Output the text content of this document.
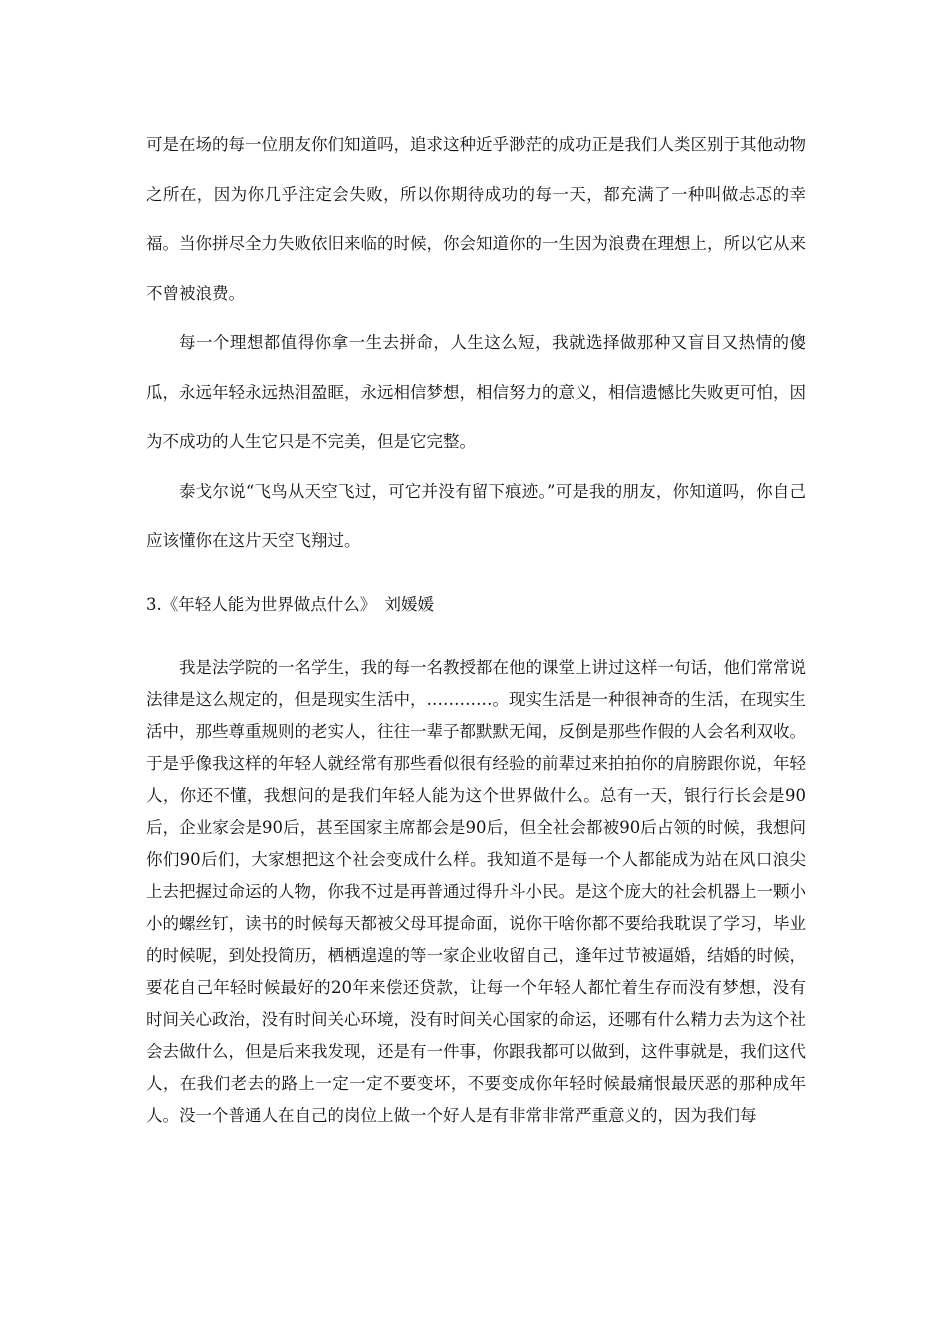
可是在场的每一位朋友你们知道吗，追求这种近乎渺茫的成功正是我们人类区别于其他动物之所在，因为你几乎注定会失败，所以你期待成功的每一天，都充满了一种叫做忐忑的幸福。当你拼尽全力失败依旧来临的时候，你会知道你的一生因为浪费在理想上，所以它从来不曾被浪费。

每一个理想都值得你拿一生去拼命，人生这么短，我就选择做那种又盲目又热情的傻瓜，永远年轻永远热泪盈眶，永远相信梦想，相信努力的意义，相信遗憾比失败更可怕，因为不成功的人生它只是不完美，但是它完整。

泰戈尔说“飞鸟从天空飞过，可它并没有留下痕迹。”可是我的朋友，你知道吗，你自己应该懂你在这片天空飞翔过。

3.《年轻人能为世界做点什么》　刘媛媛

我是法学院的一名学生，我的每一名教授都在他的课堂上讲过这样一句话，他们常常说法律是这么规定的，但是现实生活中，…………。现实生活是一种很神奇的生活，在现实生活中，那些尊重规则的老实人，往往一辈子都默默无闻，反倒是那些作假的人会名利双收。于是乎像我这样的年轻人就经常有那些看似很有经验的前辈过来拍拍你的肩膀跟你说，年轻人，你还不懂，我想问的是我们年轻人能为这个世界做什么。总有一天，银行行长会是90后，企业家会是90后，甚至国家主席都会是90后，但全社会都被90后占领的时候，我想问你们90后们，大家想把这个社会变成什么样。我知道不是每一个人都能成为站在风口浪尖上去把握过命运的人物，你我不过是再普通过得升斗小民。是这个庞大的社会机器上一颗小小的螺丝钉，读书的时候每天都被父母耳提命面，说你干啥你都不要给我耽误了学习，毕业的时候呢，到处投简历，栖栖遑遑的等一家企业收留自己，逢年过节被逼婚，结婚的时候，要花自己年轻时候最好的20年来偿还贷款，让每一个年轻人都忙着生存而没有梦想，没有时间关心政治，没有时间关心环境，没有时间关心国家的命运，还哪有什么精力去为这个社会去做什么，但是后来我发现，还是有一件事，你跟我都可以做到，这件事就是，我们这代人，在我们老去的路上一定一定不要变坏，不要变成你年轻时候最痛恨最厌恶的那种成年人。没一个普通人在自己的岗位上做一个好人是有非常非常严重意义的，因为我们每
